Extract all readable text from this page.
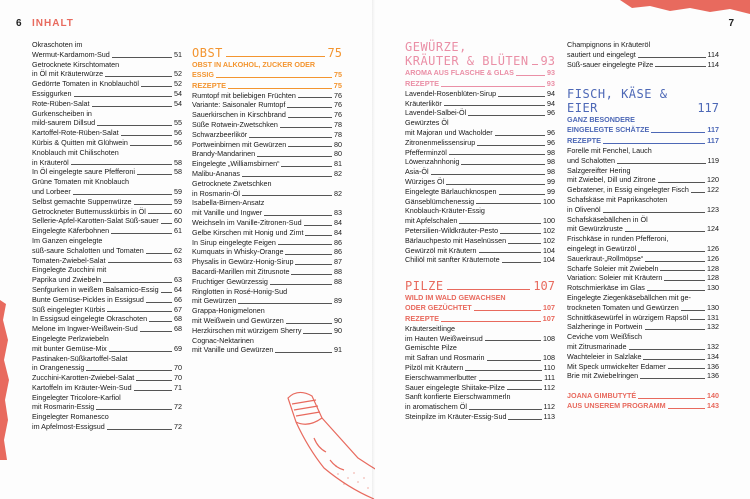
6 INHALT
Okraschoten im
Wermut-Kardamom-Sud	51
Getrocknete Kirschtomaten
in Öl mit Kräuterwürze	52
Gedörrte Tomaten in Knoblauchöl	52
Essiggurken	54
Rote-Rüben-Salat	54
Gurkenscheiben in
mild-saurem Dillsud	55
Kartoffel-Rote-Rüben-Salat	56
Kürbis & Quitten mit Glühwein	56
Knoblauch mit Chilischoten
in Kräuteröl	58
In Öl eingelegte saure Pfefferoni	58
Grüne Tomaten mit Knoblauch
und Lorbeer	59
Selbst gemachte Suppenwürze	59
Getrockneter Butternusskürbis in Öl	60
Sellerie-Apfel-Karotten-Salat Süß-sauer 60
Eingelegte Käferbohnen	61
Im Ganzen eingelegte
süß-saure Schalotten und Tomaten	62
Tomaten-Zwiebel-Salat	63
Eingelegte Zucchini mit
Paprika und Zwiebeln	63
Senfgurken in weißem Balsamico-Essig 64
Bunte Gemüse-Pickles in Essigsud	66
Süß eingelegter Kürbis	67
In Essigsud eingelegte Okraschoten	68
Melone im Ingwer-Weißwein-Sud	68
Eingelegte Perlzwiebeln
mit bunter Gemüse-Mix	69
Pastinaken-Süßkartoffel-Salat
in Orangenessig	70
Zucchini-Karotten-Zwiebel-Salat	70
Kartoffeln im Kräuter-Wein-Sud	71
Eingelegter Tricolore-Karfiol
mit Rosmarin-Essig	72
Eingelegter Romanesco
im Apfelmost-Essigsud	72
OBST	75
OBST IN ALKOHOL, ZUCKER ODER
ESSIG	75
REZEPTE	75
Rumtopf mit beliebigen Früchten	76
Variante: Saisonaler Rumtopf	76
Sauerkirschen in Kirschbrand	76
Süße Rotwein-Zwetschken	78
Schwarzbeerlikör	78
Portweinbirnen mit Gewürzen	80
Brandy-Mandarinen	80
Eingelegte „Williamsbirnen“	81
Malibu-Ananas	82
Getrocknete Zwetschken
in Rosmarin-Öl	82
Isabella-Birnen-Ansatz
mit Vanille und Ingwer	83
Weichseln im Vanille-Zitronen-Sud	84
Gelbe Kirschen mit Honig und Zimt	84
In Sirup eingelegte Feigen	86
Kumquats in Whisky-Orange	86
Physalis in Gewürz-Honig-Sirup	87
Bacardi-Marillen mit Zitrusnote	88
Fruchtiger Gewürzessig	88
Ringlotten in Rosé-Honig-Sud
mit Gewürzen	89
Grappa-Honigmelonen
mit Weißwein und Gewürzen	90
Herzkirschen mit würzigem Sherry	90
Cognac-Nektarinen
mit Vanille und Gewürzen	91
7
GEWÜRZE,
KRÄUTER & BLÜTEN 93
AROMA AUS FLASCHE & GLAS	93
REZEPTE	93
Lavendel-Rosenblüten-Sirup	94
Kräuterlikör	94
Lavendel-Salbei-Öl	96
Gewürztes Öl
mit Majoran und Wacholder	96
Zitronenmelissensirup	96
Pfefferminzöl	98
Löwenzahnhonig	98
Asia-Öl	98
Würziges Öl	99
Eingelegte Bärlauchknospen	99
Gänseblümchenessig	100
Knoblauch-Kräuter-Essig
mit Apfelschalen	100
Petersilien-Wildkräuter-Pesto	102
Bärlauchpesto mit Haselnüssen	102
Gewürzöl mit Kräutern	104
Chiliöl mit sanfter Kräuternote	104
PILZE	107
WILD IM WALD GEWACHSEN
ODER GEZÜCHTET	107
REZEPTE	107
Kräuterseitlinge
im Hauten Weißweinsud	108
Gemischte Pilze
mit Safran und Rosmarin	108
Pilzöl mit Kräutern	110
Eierschwammerlbutter	111
Sauer eingelegte Shiitake-Pilze	112
Sanft konfierte Eierschwammerln
in aromatischem Öl	112
Steinpilze im Kräuter-Essig-Sud	113
Champignons in Kräuteröl
sautiert und eingelegt	114
Süß-sauer eingelegte Pilze	114
FISCH, KÄSE & EIER	117
GANZ BESONDERE
EINGELEGTE SCHÄTZE	117
REZEPTE	117
Forelle mit Fenchel, Lauch
und Schalotten	119
Salzgereifter Hering
mit Zwiebel, Dill und Zitrone	120
Gebratener, in Essig eingelegter Fisch	122
Schafskäse mit Paprikaschoten
in Olivenöl	123
Schafskäsebällchen in Öl
mit Gewürzkruste	124
Frischkäse in runden Pfefferoni,
eingelegt in Gewürzöl	126
Sauerkraut-„Rollmöpse“	126
Scharfe Soleier mit Zwiebeln	128
Variation: Soleier mit Kräutern	128
Rotschmierkäse im Glas	130
Eingelegte Ziegenkäsebällchen mit ge-
trockneten Tomaten und Gewürzen	130
Schnittkäsewürfel in würzigem Rapsöl	131
Salzheringe in Portwein	132
Ceviche vom Weißfisch
mit Zitrusmarinade	132
Wachteleier in Salzlake	134
Mit Speck umwickelter Edamer	136
Brie mit Zwiebelringen	136
JOANA GIMBUTYTÉ	140
AUS UNSEREM PROGRAMM	143
